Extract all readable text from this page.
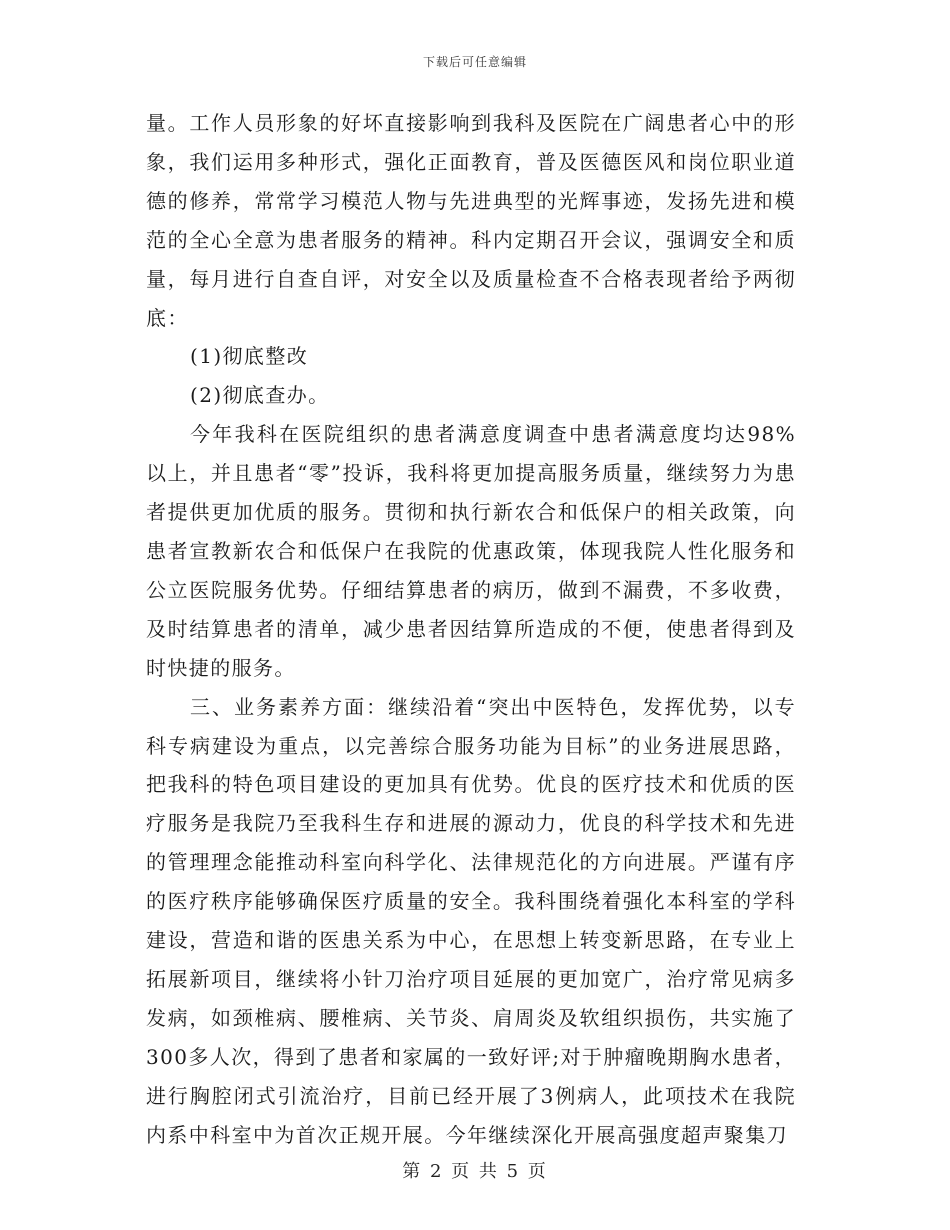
下载后可任意编辑

量。工作人员形象的好坏直接影响到我科及医院在广阔患者心中的形象，我们运用多种形式，强化正面教育，普及医德医风和岗位职业道德的修养，常常学习模范人物与先进典型的光辉事迹，发扬先进和模范的全心全意为患者服务的精神。科内定期召开会议，强调安全和质量，每月进行自查自评，对安全以及质量检查不合格表现者给予两彻底：

(1)彻底整改

(2)彻底查办。

今年我科在医院组织的患者满意度调查中患者满意度均达98% 以上，并且患者“零”投诉，我科将更加提高服务质量，继续努力为患者提供更加优质的服务。贯彻和执行新农合和低保户的相关政策，向患者宣教新农合和低保户在我院的优惠政策，体现我院人性化服务和公立医院服务优势。仔细结算患者的病历，做到不漏费，不多收费，及时结算患者的清单，减少患者因结算所造成的不便，使患者得到及时快捷的服务。

三、业务素养方面：继续沿着“突出中医特色，发挥优势，以专科专病建设为重点，以完善综合服务功能为目标”的业务进展思路，把我科的特色项目建设的更加具有优势。优良的医疗技术和优质的医疗服务是我院乃至我科生存和进展的源动力，优良的科学技术和先进的管理理念能推动科室向科学化、法律规范化的方向进展。严谨有序的医疗秩序能够确保医疗质量的安全。我科围绕着强化本科室的学科建设，营造和谐的医患关系为中心，在思想上转变新思路，在专业上拓展新项目，继续将小针刀治疗项目延展的更加宽广，治疗常见病多发病，如颈椎病、腰椎病、关节炎、肩周炎及软组织损伤，共实施了300多人次，得到了患者和家属的一致好评;对于肿瘤晚期胸水患者，进行胸腔闭式引流治疗，目前已经开展了3例病人，此项技术在我院内系中科室中为首次正规开展。今年继续深化开展高强度超声聚集刀

第 2 页 共 5 页
